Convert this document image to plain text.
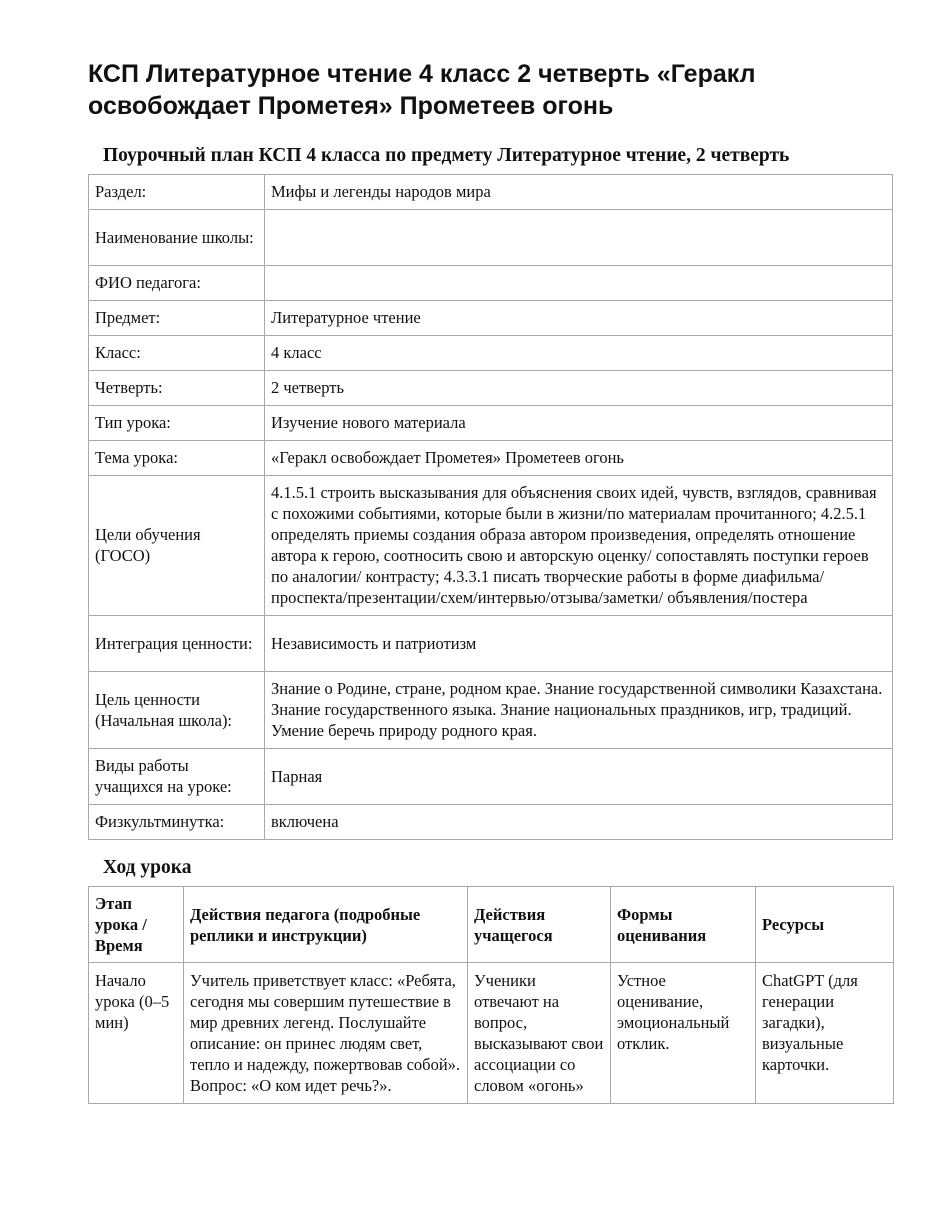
КСП Литературное чтение 4 класс 2 четверть «Геракл освобождает Прометея» Прометеев огонь
Поурочный план КСП 4 класса по предмету Литературное чтение, 2 четверть
Раздел:	Мифы и легенды народов мира
Наименование школы:	
ФИО педагога:	
Предмет:	Литературное чтение
Класс:	4 класс
Четверть:	2 четверть
Тип урока:	Изучение нового материала
Тема урока:	«Геракл освобождает Прометея» Прометеев огонь
Цели обучения (ГОСО)	4.1.5.1 строить высказывания для объяснения своих идей, чувств, взглядов, сравнивая с похожими событиями, которые были в жизни/по материалам прочитанного; 4.2.5.1 определять приемы создания образа автором произведения, определять отношение автора к герою, соотносить свою и авторскую оценку/ сопоставлять поступки героев по аналогии/ контрасту; 4.3.3.1 писать творческие работы в форме диафильма/ проспекта/презентации/схем/интервью/отзыва/заметки/ объявления/постера
Интеграция ценности:	Независимость и патриотизм
Цель ценности (Начальная школа):	Знание о Родине, стране, родном крае. Знание государственной символики Казахстана. Знание государственного языка. Знание национальных праздников, игр, традиций. Умение беречь природу родного края.
Виды работы учащихся на уроке:	Парная
Физкультминутка:	включена
Ход урока
Этап урока / Время	Действия педагога (подробные реплики и инструкции)	Действия учащегося	Формы оценивания	Ресурсы
Начало урока (0–5 мин)	Учитель приветствует класс: «Ребята, сегодня мы совершим путешествие в мир древних легенд. Послушайте описание: он принес людям свет, тепло и надежду, пожертвовав собой». Вопрос: «О ком идет речь?».	Ученики отвечают на вопрос, высказывают свои ассоциации со словом «огонь»	Устное оценивание, эмоциональный отклик.	ChatGPT (для генерации загадки), визуальные карточки.
